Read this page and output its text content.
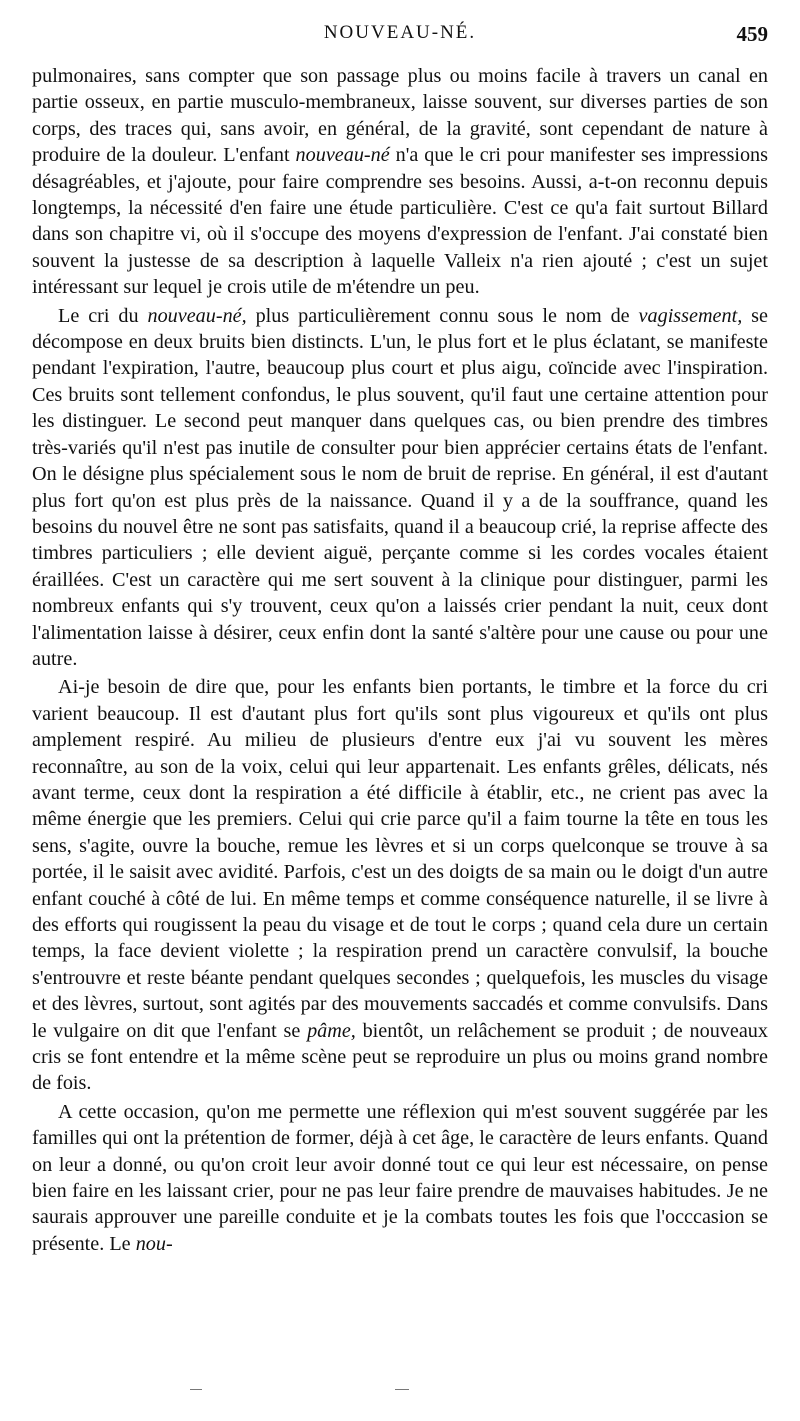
NOUVEAU-NÉ.	459

pulmonaires, sans compter que son passage plus ou moins facile à travers un canal en partie osseux, en partie musculo-membraneux, laisse souvent, sur diverses parties de son corps, des traces qui, sans avoir, en général, de la gravité, sont cependant de nature à produire de la douleur. L'enfant nouveau-né n'a que le cri pour manifester ses impressions désagréables, et j'ajoute, pour faire comprendre ses besoins. Aussi, a-t-on reconnu depuis longtemps, la nécessité d'en faire une étude particulière. C'est ce qu'a fait surtout Billard dans son chapitre vi, où il s'occupe des moyens d'expression de l'enfant. J'ai constaté bien souvent la justesse de sa description à laquelle Valleix n'a rien ajouté ; c'est un sujet intéressant sur lequel je crois utile de m'étendre un peu.

Le cri du nouveau-né, plus particulièrement connu sous le nom de vagissement, se décompose en deux bruits bien distincts. L'un, le plus fort et le plus éclatant, se manifeste pendant l'expiration, l'autre, beaucoup plus court et plus aigu, coïncide avec l'inspiration. Ces bruits sont tellement confondus, le plus souvent, qu'il faut une certaine attention pour les distinguer. Le second peut manquer dans quelques cas, ou bien prendre des timbres très-variés qu'il n'est pas inutile de consulter pour bien apprécier certains états de l'enfant. On le désigne plus spécialement sous le nom de bruit de reprise. En général, il est d'autant plus fort qu'on est plus près de la naissance. Quand il y a de la souffrance, quand les besoins du nouvel être ne sont pas satisfaits, quand il a beaucoup crié, la reprise affecte des timbres particuliers ; elle devient aiguë, perçante comme si les cordes vocales étaient éraillées. C'est un caractère qui me sert souvent à la clinique pour distinguer, parmi les nombreux enfants qui s'y trouvent, ceux qu'on a laissés crier pendant la nuit, ceux dont l'alimentation laisse à désirer, ceux enfin dont la santé s'altère pour une cause ou pour une autre.

Ai-je besoin de dire que, pour les enfants bien portants, le timbre et la force du cri varient beaucoup. Il est d'autant plus fort qu'ils sont plus vigoureux et qu'ils ont plus amplement respiré. Au milieu de plusieurs d'entre eux j'ai vu souvent les mères reconnaître, au son de la voix, celui qui leur appartenait. Les enfants grêles, délicats, nés avant terme, ceux dont la respiration a été difficile à établir, etc., ne crient pas avec la même énergie que les premiers. Celui qui crie parce qu'il a faim tourne la tête en tous les sens, s'agite, ouvre la bouche, remue les lèvres et si un corps quelconque se trouve à sa portée, il le saisit avec avidité. Parfois, c'est un des doigts de sa main ou le doigt d'un autre enfant couché à côté de lui. En même temps et comme conséquence naturelle, il se livre à des efforts qui rougissent la peau du visage et de tout le corps ; quand cela dure un certain temps, la face devient violette ; la respiration prend un caractère convulsif, la bouche s'entrouvre et reste béante pendant quelques secondes ; quelquefois, les muscles du visage et des lèvres, surtout, sont agités par des mouvements saccadés et comme convulsifs. Dans le vulgaire on dit que l'enfant se pâme, bientôt, un relâchement se produit ; de nouveaux cris se font entendre et la même scène peut se reproduire un plus ou moins grand nombre de fois.

A cette occasion, qu'on me permette une réflexion qui m'est souvent suggérée par les familles qui ont la prétention de former, déjà à cet âge, le caractère de leurs enfants. Quand on leur a donné, ou qu'on croit leur avoir donné tout ce qui leur est nécessaire, on pense bien faire en les laissant crier, pour ne pas leur faire prendre de mauvaises habitudes. Je ne saurais approuver une pareille conduite et je la combats toutes les fois que l'occcasion se présente. Le nou-
